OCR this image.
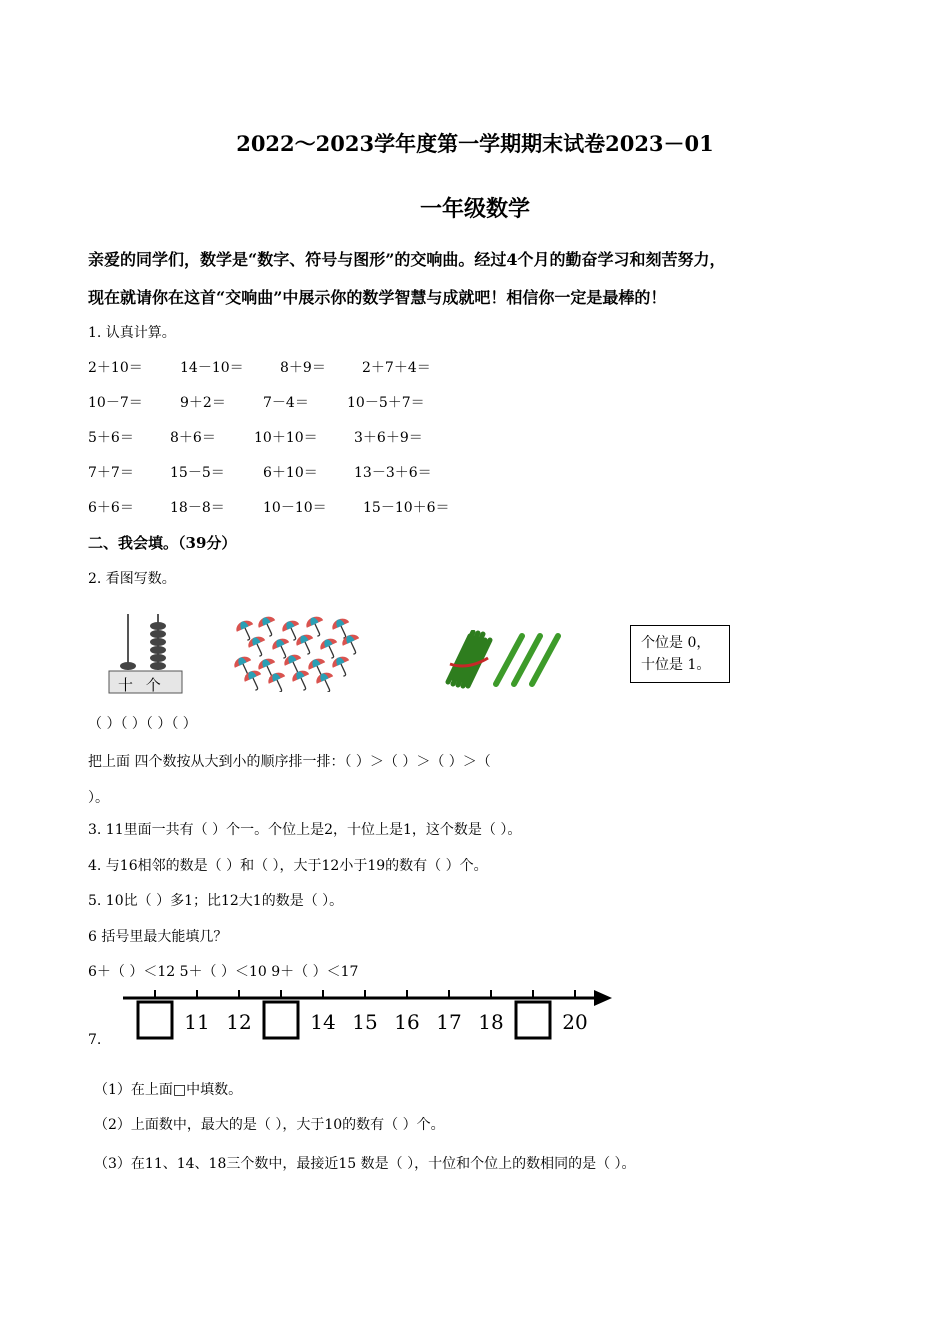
2022～2023学年度第一学期期末试卷2023－01
一年级数学
亲爱的同学们，数学是“数字、符号与图形”的交响曲。经过4个月的勤奋学习和刻苦努力，
现在就请你在这首“交响曲”中展示你的数学智慧与成就吧！相信你一定是最棒的！
1. 认真计算。
2＋10＝	14－10＝	8＋9＝	2＋7＋4＝
10－7＝	9＋2＝	7－4＝	10－5＋7＝
5＋6＝	8＋6＝	10＋10＝	3＋6＋9＝
7＋7＝	15－5＝	6＋10＝	13－3＋6＝
6＋6＝	18－8＝	10－10＝	15－10＋6＝
二、我会填。（39分）
2. 看图写数。
十 个
个位是 0，
十位是 1。
（ ）（ ）（ ）（ ）
把上面 四个数按从大到小的顺序排一排：（ ）＞（ ）＞（ ）＞（
）。
3. 11里面一共有（ ）个一。个位上是2，十位上是1，这个数是（ ）。
4. 与16相邻的数是（ ）和（ ），大于12小于19的数有（ ）个。
5. 10比（ ）多1；比12大1的数是（ ）。
6 括号里最大能填几？
6＋（ ）＜12 5＋（ ）＜10 9＋（ ）＜17
11 12	14 15 16 17 18	20
7.
（1）在上面□中填数。
（2）上面数中，最大的是（ ），大于10的数有（ ）个。
（3）在11、14、18三个数中，最接近15 数是（ ），十位和个位上的数相同的是（ ）。
